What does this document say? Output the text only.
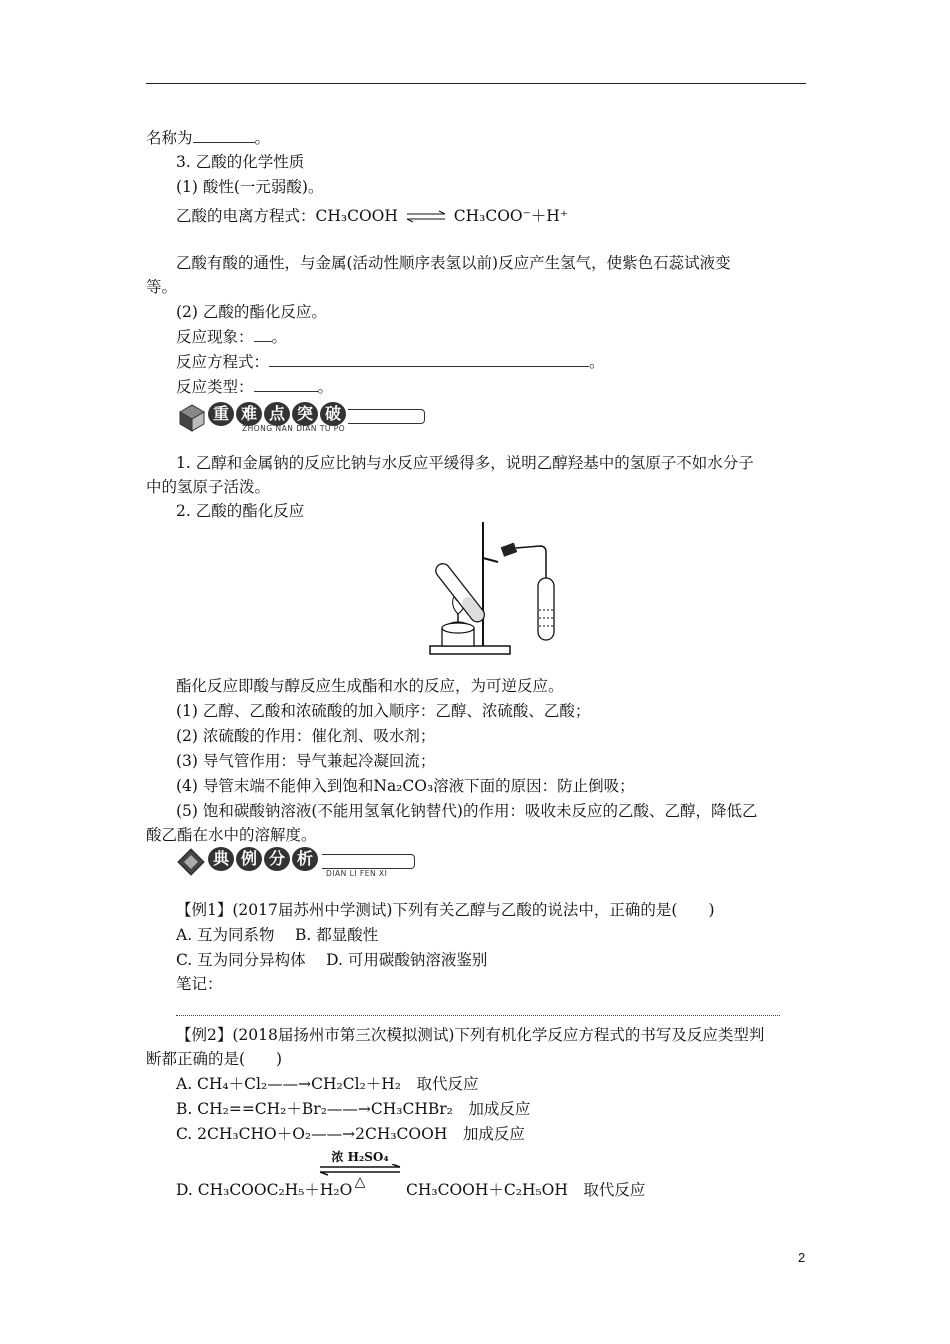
名称为	。
3. 乙酸的化学性质
(1) 酸性(一元弱酸)。
乙酸的电离方程式：CH₃COOH ⇌ CH₃COO⁻＋H⁺
乙酸有酸的通性，与金属(活动性顺序表氢以前)反应产生氢气，使紫色石蕊试液变
等。
(2) 乙酸的酯化反应。
反应现象： 。
反应方程式：	。
反应类型：	。
重 难 点 突 破
ZHONG NAN DIAN TU PO
1. 乙醇和金属钠的反应比钠与水反应平缓得多，说明乙醇羟基中的氢原子不如水分子
中的氢原子活泼。
2. 乙酸的酯化反应
酯化反应即酸与醇反应生成酯和水的反应，为可逆反应。
(1) 乙醇、乙酸和浓硫酸的加入顺序：乙醇、浓硫酸、乙酸；
(2) 浓硫酸的作用：催化剂、吸水剂；
(3) 导气管作用：导气兼起冷凝回流；
(4) 导管末端不能伸入到饱和Na₂CO₃溶液下面的原因：防止倒吸；
(5) 饱和碳酸钠溶液(不能用氢氧化钠替代)的作用：吸收未反应的乙酸、乙醇，降低乙
酸乙酯在水中的溶解度。
典 例 分 析
DIAN LI FEN XI
【例1】(2017届苏州中学测试)下列有关乙醇与乙酸的说法中，正确的是(　　)
A. 互为同系物　 B. 都显酸性
C. 互为同分异构体　 D. 可用碳酸钠溶液鉴别
笔记：
【例2】(2018届扬州市第三次模拟测试)下列有机化学反应方程式的书写及反应类型判
断都正确的是(　　)
A. CH₄＋Cl₂——→CH₂Cl₂＋H₂　取代反应
B. CH₂==CH₂＋Br₂——→CH₃CHBr₂　加成反应
C. 2CH₃CHO＋O₂——→2CH₃COOH　加成反应
D. CH₃COOC₂H₅＋H₂O
浓 H₂SO₄
△	CH₃COOH＋C₂H₅OH　取代反应
2
